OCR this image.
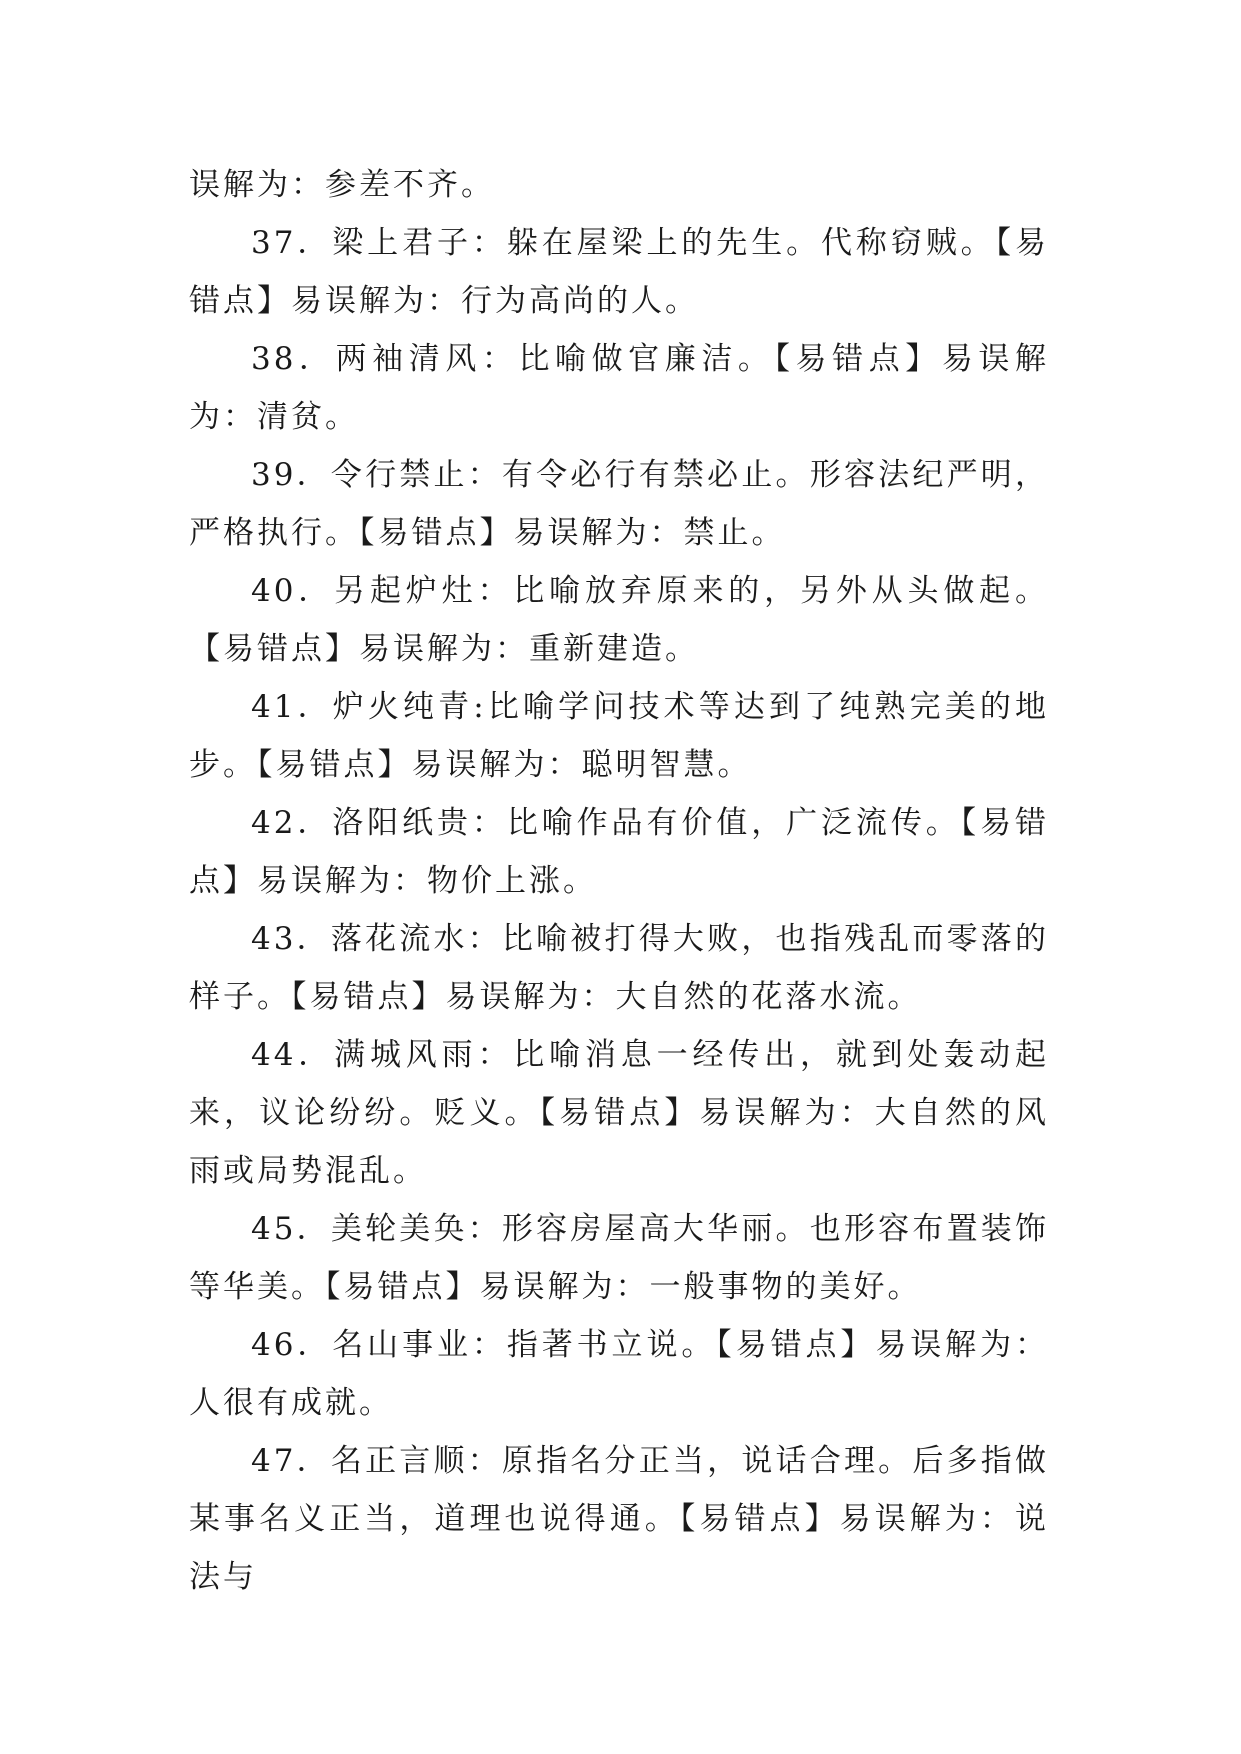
误解为：参差不齐。

37．梁上君子：躲在屋梁上的先生。代称窃贼。【易错点】易误解为：行为高尚的人。

38．两袖清风：比喻做官廉洁。【易错点】易误解为：清贫。

39．令行禁止：有令必行有禁必止。形容法纪严明，严格执行。【易错点】易误解为：禁止。

40．另起炉灶：比喻放弃原来的，另外从头做起。【易错点】易误解为：重新建造。

41．炉火纯青:比喻学问技术等达到了纯熟完美的地步。【易错点】易误解为：聪明智慧。

42．洛阳纸贵：比喻作品有价值，广泛流传。【易错点】易误解为：物价上涨。

43．落花流水：比喻被打得大败，也指残乱而零落的样子。【易错点】易误解为：大自然的花落水流。

44．满城风雨：比喻消息一经传出，就到处轰动起来，议论纷纷。贬义。【易错点】易误解为：大自然的风雨或局势混乱。

45．美轮美奂：形容房屋高大华丽。也形容布置装饰等华美。【易错点】易误解为：一般事物的美好。

46．名山事业：指著书立说。【易错点】易误解为：人很有成就。

47．名正言顺：原指名分正当，说话合理。后多指做某事名义正当，道理也说得通。【易错点】易误解为：说法与
